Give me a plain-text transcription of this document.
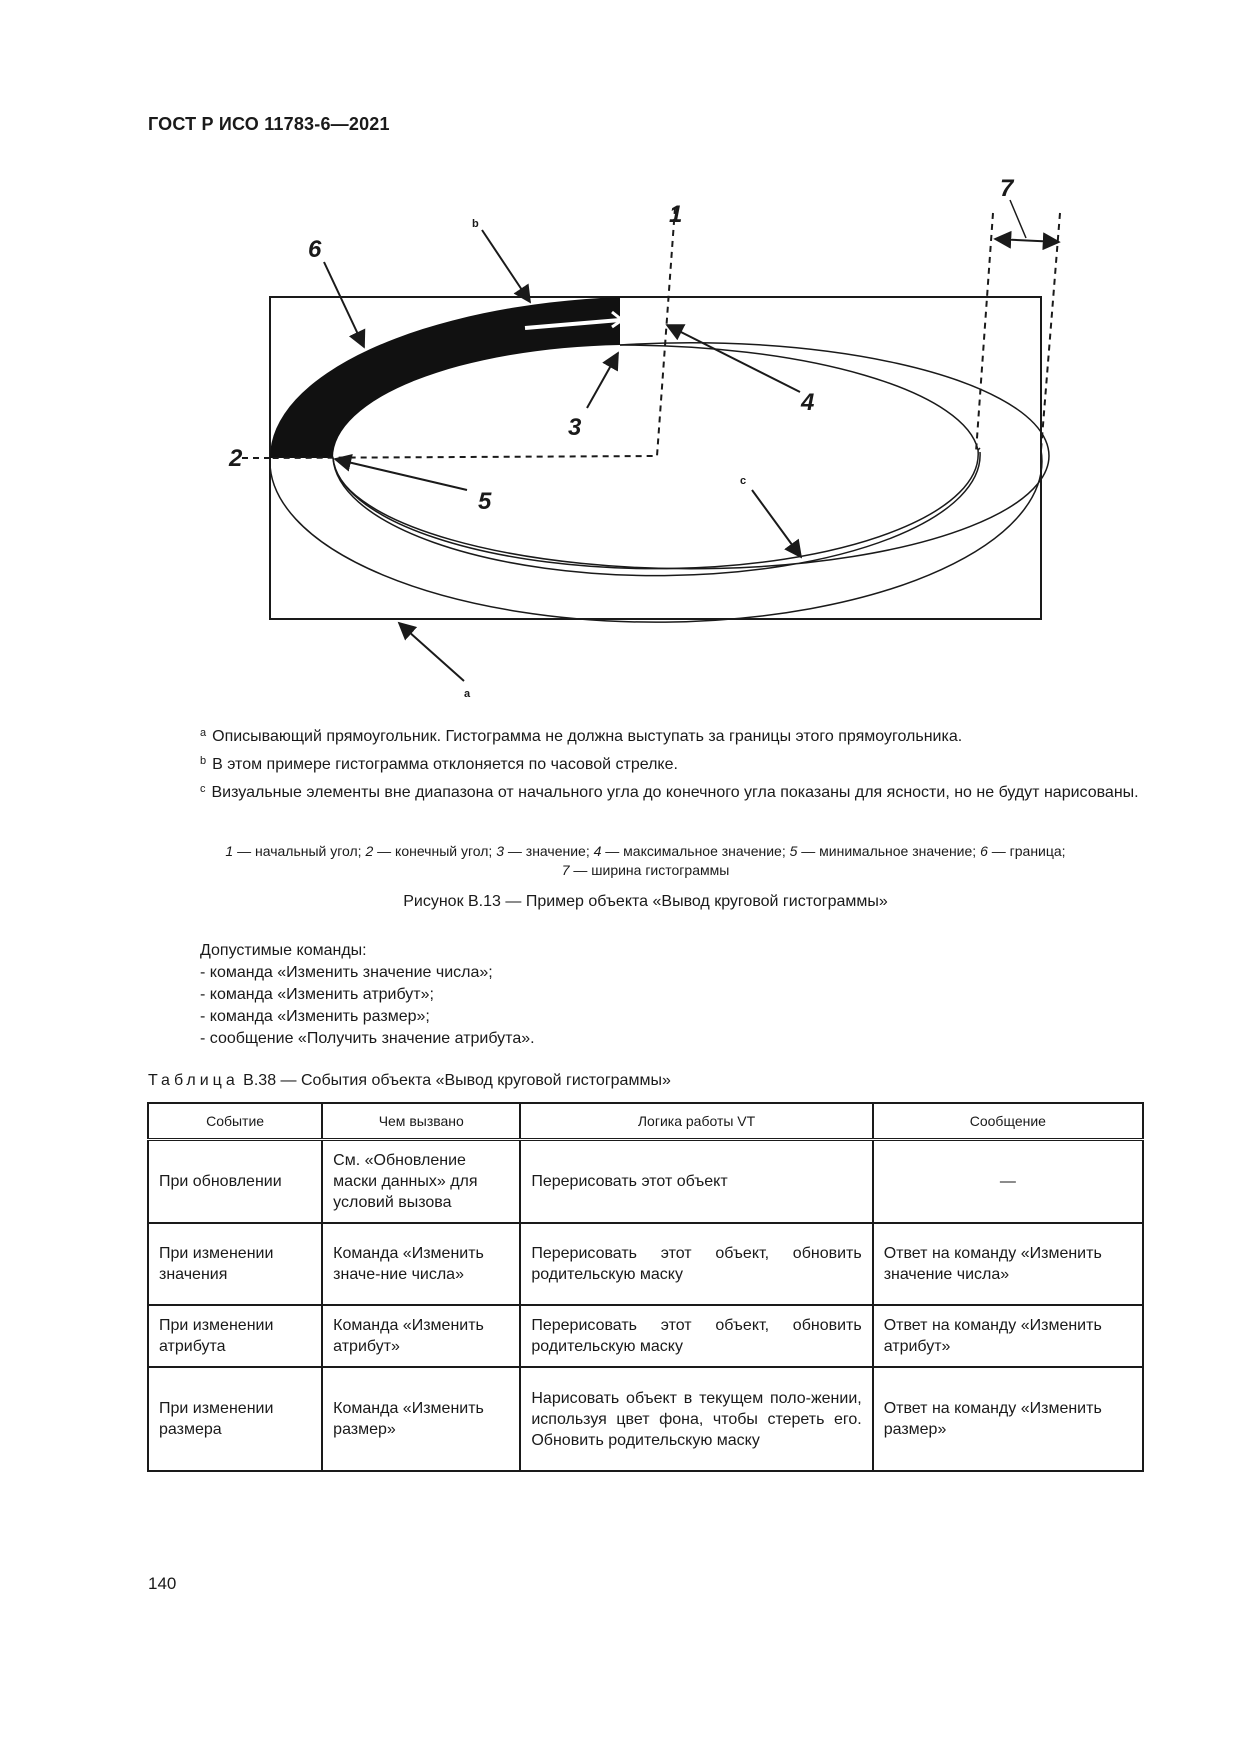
ГОСТ Р ИСО 11783-6—2021
1
2
3
4
5
6
7
a
b
c
$^a$ Описывающий прямоугольник. Гистограмма не должна выступать за границы этого прямоугольника.
$^b$ В этом примере гистограмма отклоняется по часовой стрелке.
$^c$ Визуальные элементы вне диапазона от начального угла до конечного угла показаны для ясности, но не будут нарисованы.
1 — начальный угол; 2 — конечный угол; 3 — значение; 4 — максимальное значение; 5 — минимальное значение; 6 — граница;
7 — ширина гистограммы
Рисунок В.13 — Пример объекта «Вывод круговой гистограммы»
Допустимые команды:
- команда «Изменить значение числа»;
- команда «Изменить атрибут»;
- команда «Изменить размер»;
- сообщение «Получить значение атрибута».
Таблица В.38 — События объекта «Вывод круговой гистограммы»
Событие	Чем вызвано	Логика работы VT	Сообщение
При обновлении	См. «Обновление маски данных» для условий вызова	Перерисовать этот объект	—
При изменении значения	Команда «Изменить значе-ние числа»	Перерисовать этот объект, обновить родительскую маску	Ответ на команду «Изменить значение числа»
При изменении атрибута	Команда «Изменить атрибут»	Перерисовать этот объект, обновить родительскую маску	Ответ на команду «Изменить атрибут»
При изменении размера	Команда «Изменить размер»	Нарисовать объект в текущем поло-жении, используя цвет фона, чтобы стереть его. Обновить родительскую маску	Ответ на команду «Изменить размер»
140
